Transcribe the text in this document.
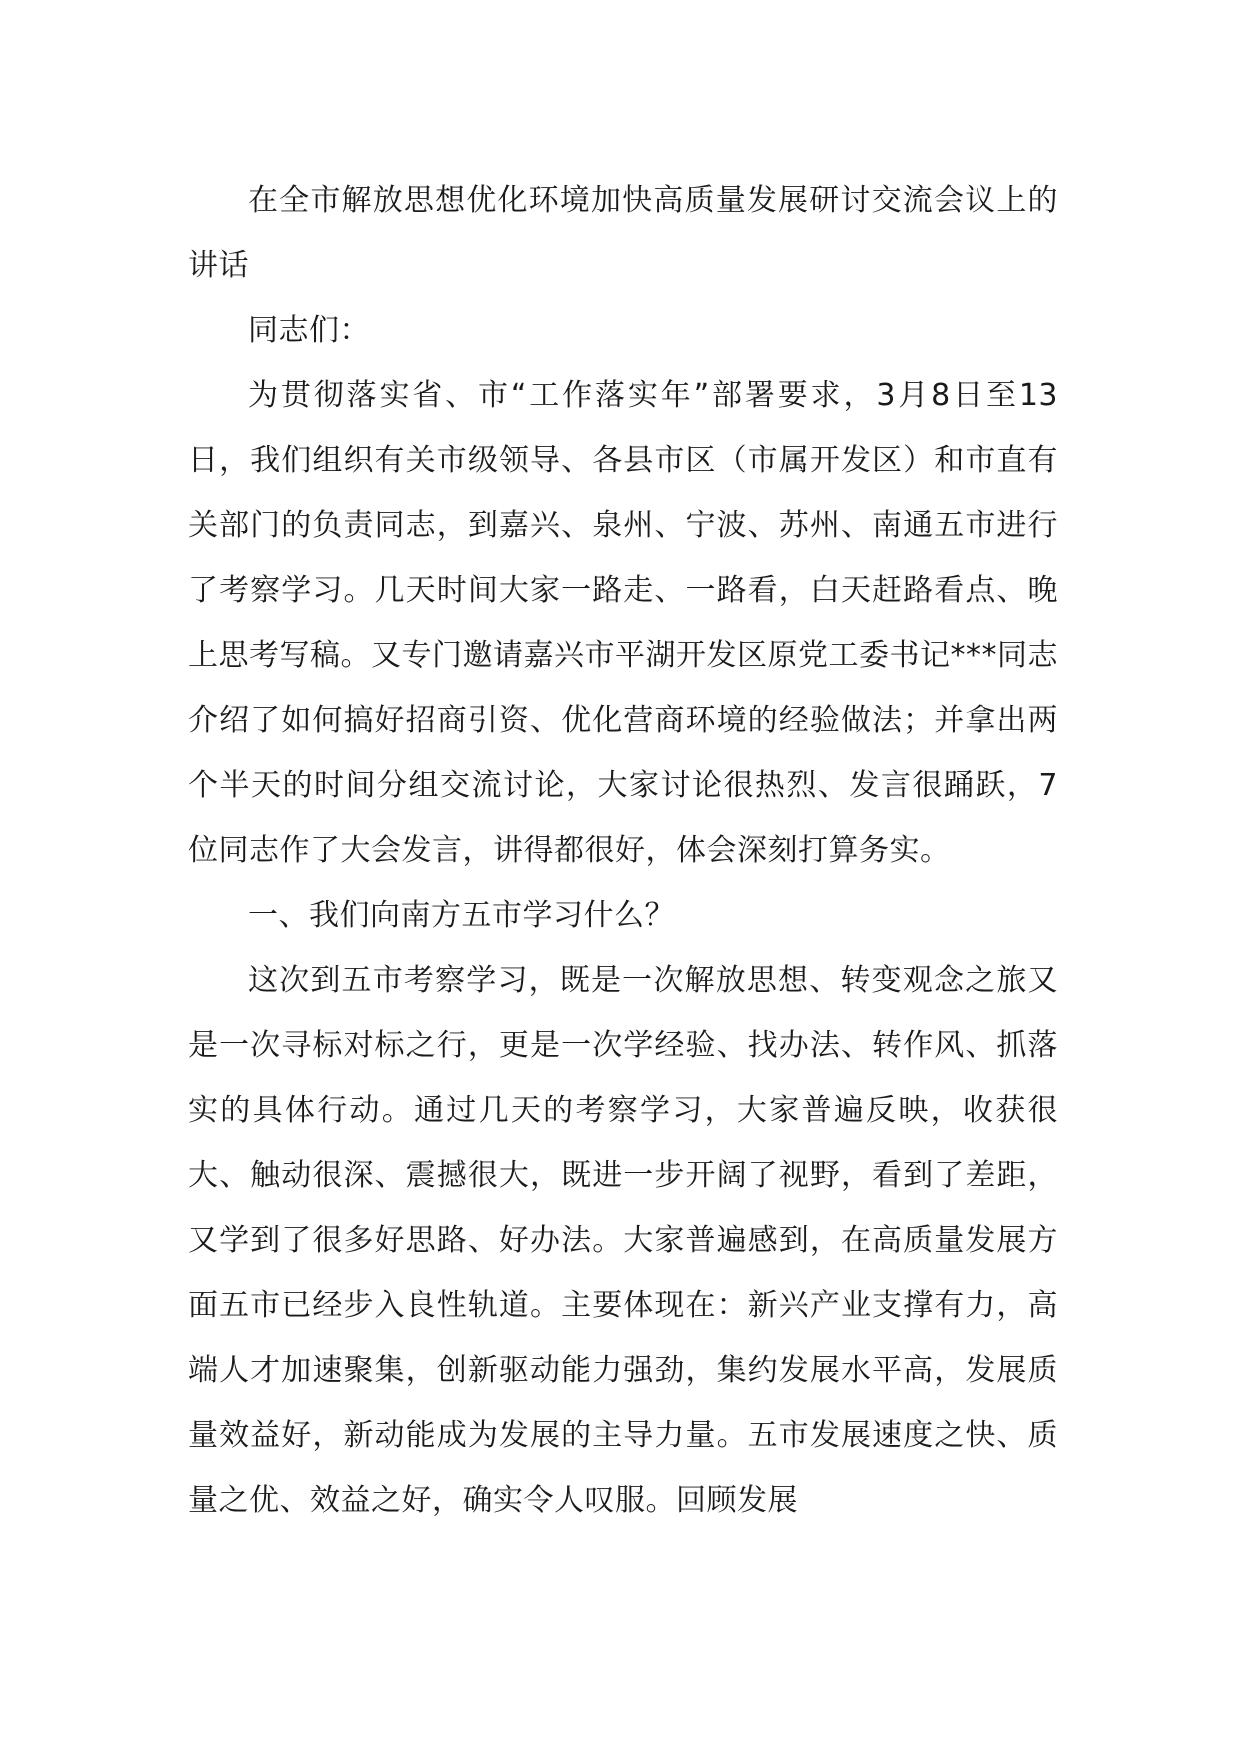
在全市解放思想优化环境加快高质量发展研讨交流会议上的讲话

同志们：

为贯彻落实省、市“工作落实年”部署要求，3月8日至13日，我们组织有关市级领导、各县市区（市属开发区）和市直有关部门的负责同志，到嘉兴、泉州、宁波、苏州、南通五市进行了考察学习。几天时间大家一路走、一路看，白天赶路看点、晚上思考写稿。又专门邀请嘉兴市平湖开发区原党工委书记***同志介绍了如何搞好招商引资、优化营商环境的经验做法；并拿出两个半天的时间分组交流讨论，大家讨论很热烈、发言很踊跃，7位同志作了大会发言，讲得都很好，体会深刻打算务实。

一、我们向南方五市学习什么？

这次到五市考察学习，既是一次解放思想、转变观念之旅又是一次寻标对标之行，更是一次学经验、找办法、转作风、抓落实的具体行动。通过几天的考察学习，大家普遍反映，收获很大、触动很深、震撼很大，既进一步开阔了视野，看到了差距，又学到了很多好思路、好办法。大家普遍感到，在高质量发展方面五市已经步入良性轨道。主要体现在：新兴产业支撑有力，高端人才加速聚集，创新驱动能力强劲，集约发展水平高，发展质量效益好，新动能成为发展的主导力量。五市发展速度之快、质量之优、效益之好，确实令人叹服。回顾发展
